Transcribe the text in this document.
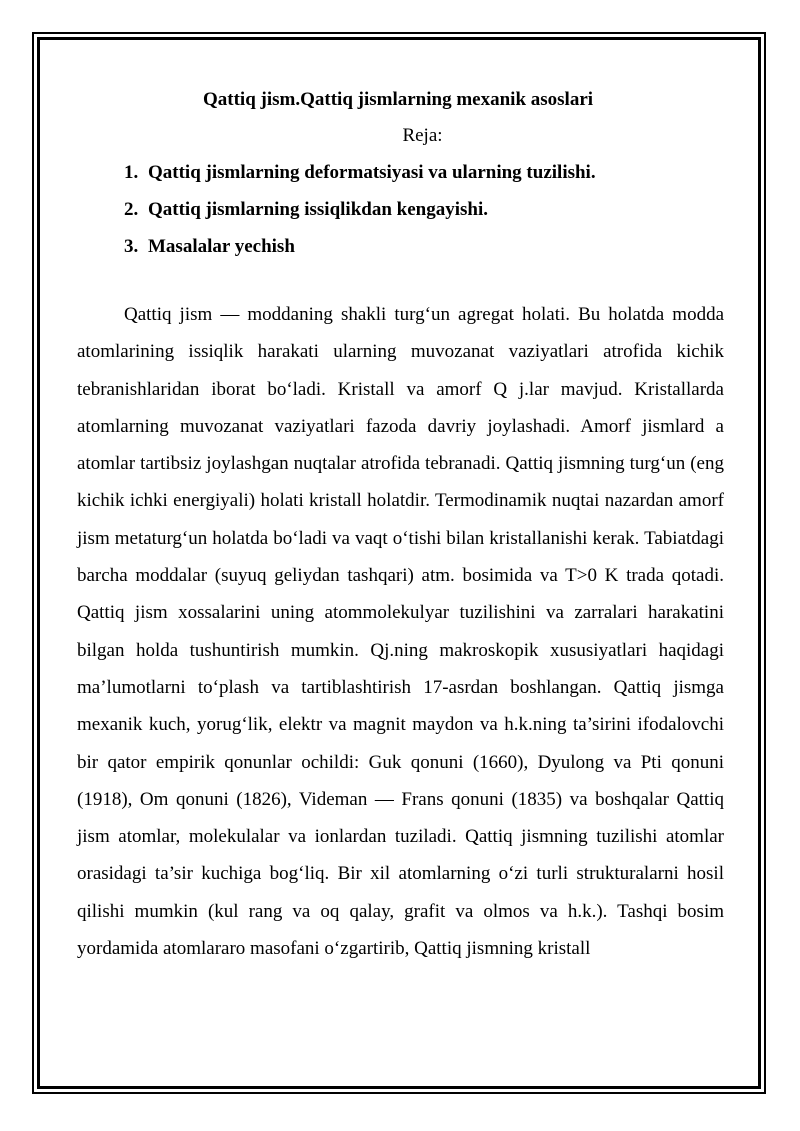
Qattiq jism.Qattiq jismlarning mexanik asoslari
Reja:
1. Qattiq jismlarning deformatsiyasi va ularning tuzilishi.
2. Qattiq jismlarning issiqlikdan kengayishi.
3. Masalalar yechish

Qattiq jism — moddaning shakli turg‘un agregat holati. Bu holatda modda atomlarining issiqlik harakati ularning muvozanat vaziyatlari atrofida kichik tebranishlaridan iborat bo‘ladi. Kristall va amorf Q j.lar mavjud. Kristallarda atomlarning muvozanat vaziyatlari fazoda davriy joylashadi. Amorf jismlard a atomlar tartibsiz joylashgan nuqtalar atrofida tebranadi. Qattiq jismning turg‘un (eng kichik ichki energiyali) holati kristall holatdir. Termodinamik nuqtai nazardan amorf jism metaturg‘un holatda bo‘ladi va vaqt o‘tishi bilan kristallanishi kerak. Tabiatdagi barcha moddalar (suyuq geliydan tashqari) atm. bosimida va T>0 K trada qotadi. Qattiq jism xossalarini uning atommolekulyar tuzilishini va zarralari harakatini bilgan holda tushuntirish mumkin. Qj.ning makroskopik xususiyatlari haqidagi ma’lumotlarni to‘plash va tartiblashtirish 17-asrdan boshlangan. Qattiq jismga mexanik kuch, yorug‘lik, elektr va magnit maydon va h.k.ning ta’sirini ifodalovchi bir qator empirik qonunlar ochildi: Guk qonuni (1660), Dyulong va Pti qonuni (1918), Om qonuni (1826), Videman — Frans qonuni (1835) va boshqalar Qattiq jism atomlar, molekulalar va ionlardan tuziladi. Qattiq jismning tuzilishi atomlar orasidagi ta’sir kuchiga bog‘liq. Bir xil atomlarning o‘zi turli strukturalarni hosil qilishi mumkin (kul rang va oq qalay, grafit va olmos va h.k.). Tashqi bosim yordamida atomlararo masofani o‘zgartirib, Qattiq jismning kristall
